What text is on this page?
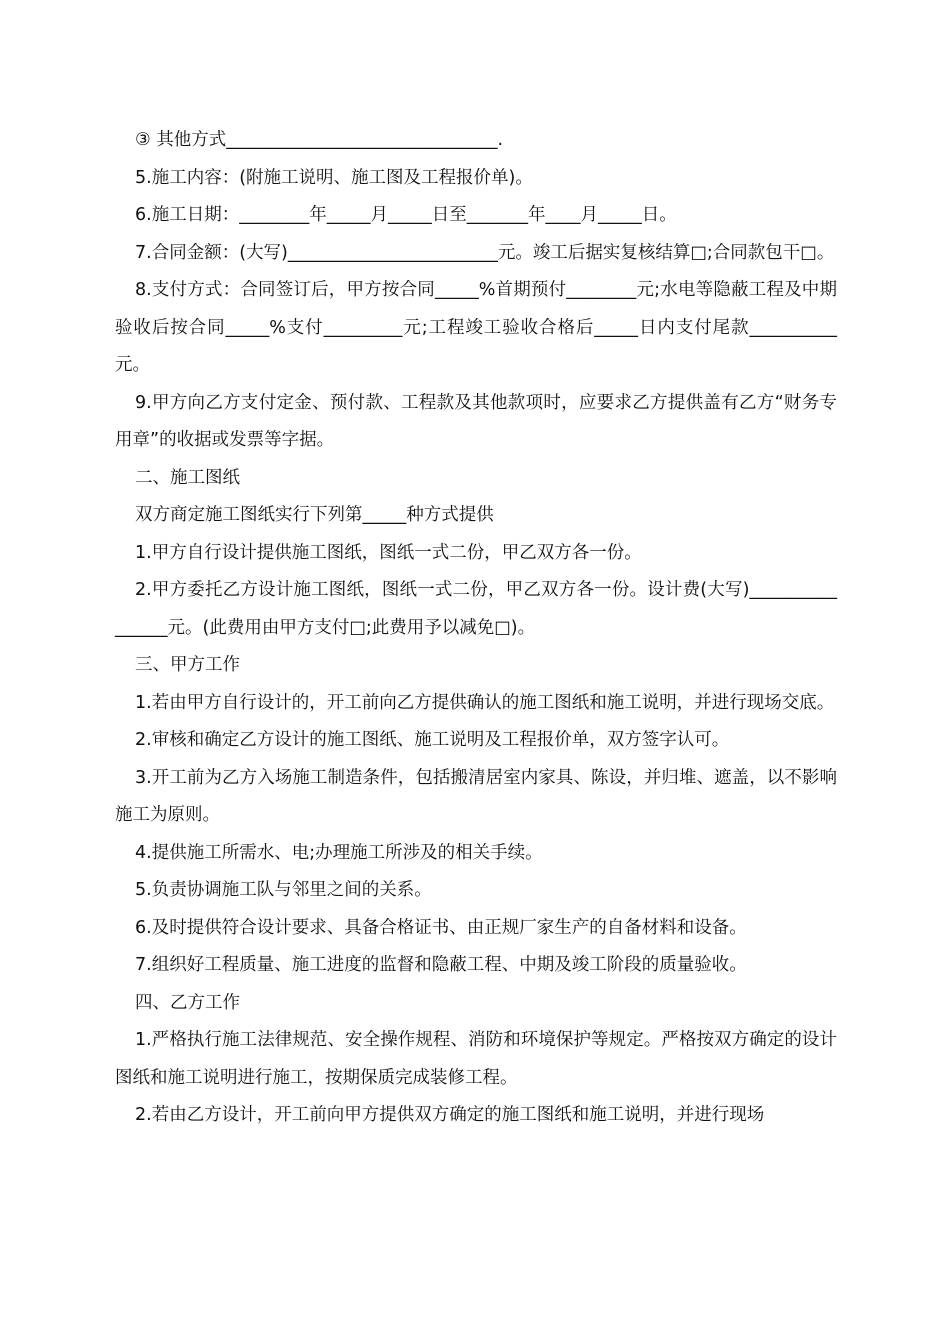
③ 其他方式_______________________________.

5.施工内容：(附施工说明、施工图及工程报价单)。

6.施工日期：________年_____月_____日至_______年____月_____日。

7.合同金额：(大写)________________________元。竣工后据实复核结算□;合同款包干□。

8.支付方式：合同签订后，甲方按合同_____%首期预付________元;水电等隐蔽工程及中期验收后按合同_____%支付_________元;工程竣工验收合格后_____日内支付尾款__________元。

9.甲方向乙方支付定金、预付款、工程款及其他款项时，应要求乙方提供盖有乙方“财务专用章”的收据或发票等字据。

二、施工图纸

双方商定施工图纸实行下列第_____种方式提供

1.甲方自行设计提供施工图纸，图纸一式二份，甲乙双方各一份。

2.甲方委托乙方设计施工图纸，图纸一式二份，甲乙双方各一份。设计费(大写)________________元。(此费用由甲方支付□;此费用予以减免□)。

三、甲方工作

1.若由甲方自行设计的，开工前向乙方提供确认的施工图纸和施工说明，并进行现场交底。

2.审核和确定乙方设计的施工图纸、施工说明及工程报价单，双方签字认可。

3.开工前为乙方入场施工制造条件，包括搬清居室内家具、陈设，并归堆、遮盖，以不影响施工为原则。

4.提供施工所需水、电;办理施工所涉及的相关手续。

5.负责协调施工队与邻里之间的关系。

6.及时提供符合设计要求、具备合格证书、由正规厂家生产的自备材料和设备。

7.组织好工程质量、施工进度的监督和隐蔽工程、中期及竣工阶段的质量验收。

四、乙方工作

1.严格执行施工法律规范、安全操作规程、消防和环境保护等规定。严格按双方确定的设计图纸和施工说明进行施工，按期保质完成装修工程。

2.若由乙方设计，开工前向甲方提供双方确定的施工图纸和施工说明，并进行现场
